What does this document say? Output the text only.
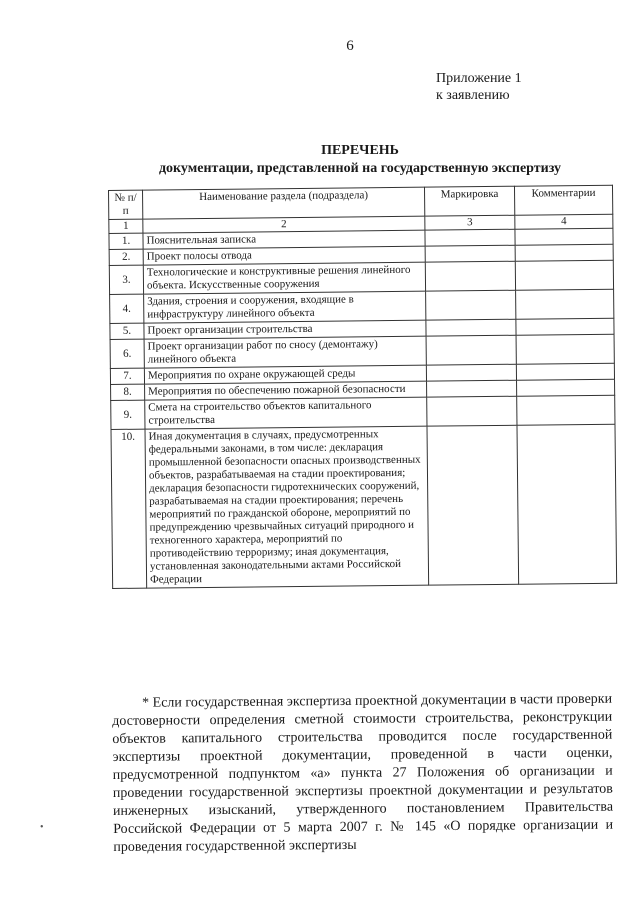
6
Приложение 1
к заявлению
ПЕРЕЧЕНЬ
документации, представленной на государственную экспертизу
№ п/п	Наименование раздела (подраздела)	Маркировка	Комментарии
1	2	3	4
1.	Пояснительная записка		
2.	Проект полосы отвода		
3.	Технологические и конструктивные решения линейного объекта. Искусственные сооружения		
4.	Здания, строения и сооружения, входящие в инфраструктуру линейного объекта		
5.	Проект организации строительства		
6.	Проект организации работ по сносу (демонтажу) линейного объекта		
7.	Мероприятия по охране окружающей среды		
8.	Мероприятия по обеспечению пожарной безопасности		
9.	Смета на строительство объектов капитального строительства		
10.	Иная документация в случаях, предусмотренных федеральными законами, в том числе: декларация промышленной безопасности опасных производственных объектов, разрабатываемая на стадии проектирования; декларация безопасности гидротехнических сооружений, разрабатываемая на стадии проектирования; перечень мероприятий по гражданской обороне, мероприятий по предупреждению чрезвычайных ситуаций природного и техногенного характера, мероприятий по противодействию терроризму; иная документация, установленная законодательными актами Российской Федерации		
* Если государственная экспертиза проектной документации в части проверки достоверности определения сметной стоимости строительства, реконструкции объектов капитального строительства проводится после государственной экспертизы проектной документации, проведенной в части оценки, предусмотренной подпунктом «а» пункта 27 Положения об организации и проведении государственной экспертизы проектной документации и результатов инженерных изысканий, утвержденного постановлением Правительства Российской Федерации от 5 марта 2007 г. № 145 «О порядке организации и проведения государственной экспертизы
•
